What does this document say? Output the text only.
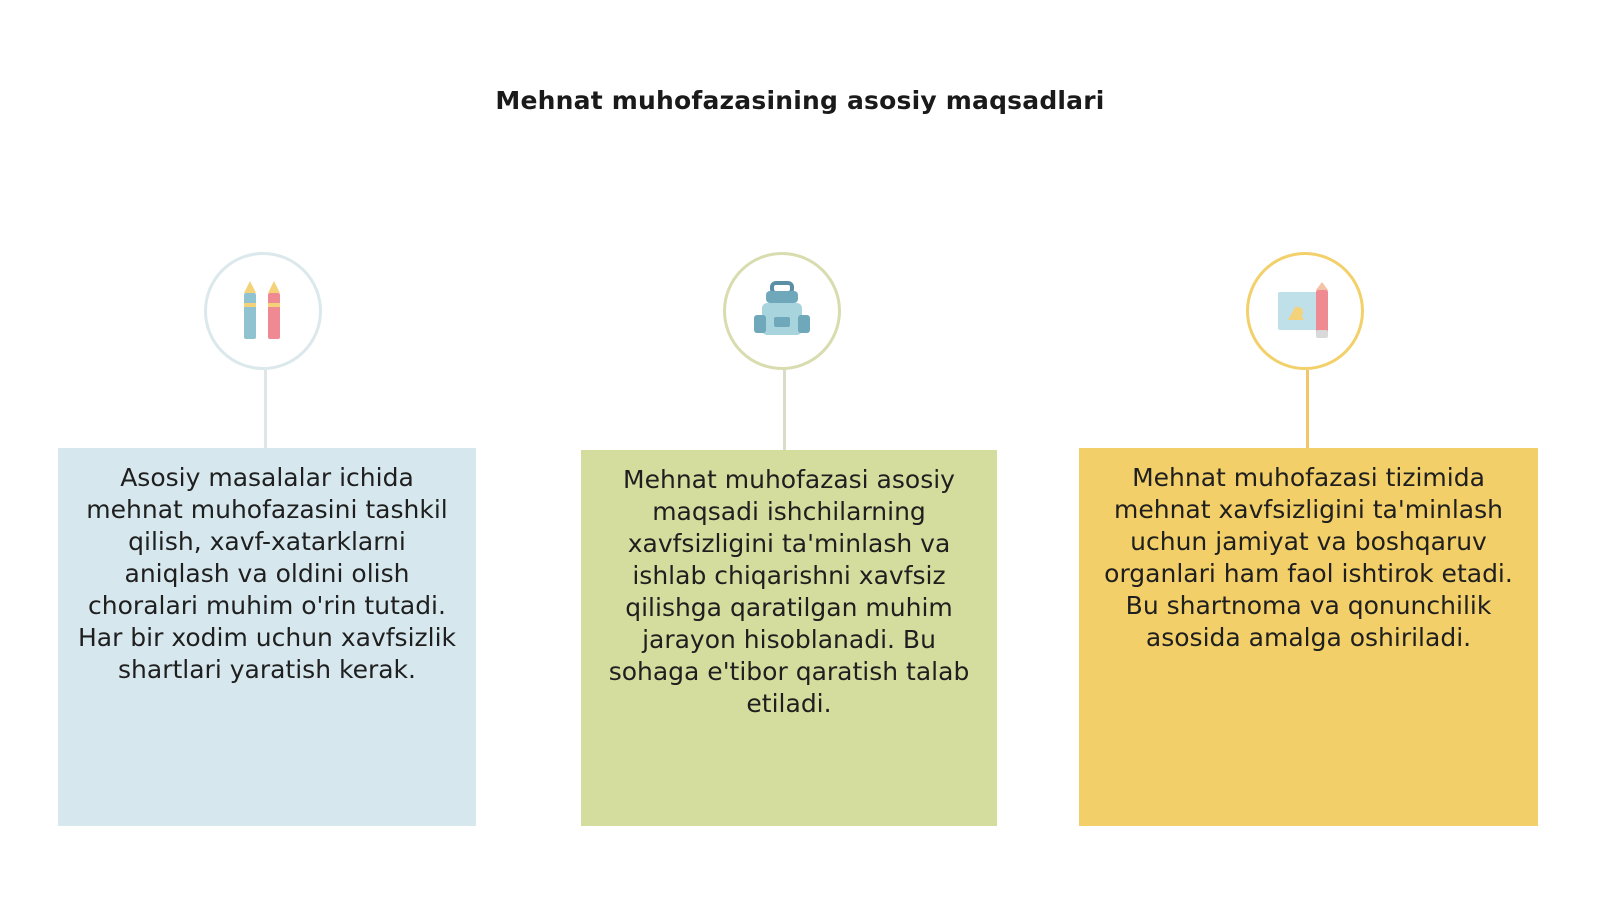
Mehnat muhofazasining asosiy maqsadlari
Asosiy masalalar ichida mehnat muhofazasini tashkil qilish, xavf-xatarklarni aniqlash va oldini olish choralari muhim o'rin tutadi. Har bir xodim uchun xavfsizlik shartlari yaratish kerak.
Mehnat muhofazasi asosiy maqsadi ishchilarning xavfsizligini ta'minlash va ishlab chiqarishni xavfsiz qilishga qaratilgan muhim jarayon hisoblanadi. Bu sohaga e'tibor qaratish talab etiladi.
Mehnat muhofazasi tizimida mehnat xavfsizligini ta'minlash uchun jamiyat va boshqaruv organlari ham faol ishtirok etadi. Bu shartnoma va qonunchilik asosida amalga oshiriladi.
